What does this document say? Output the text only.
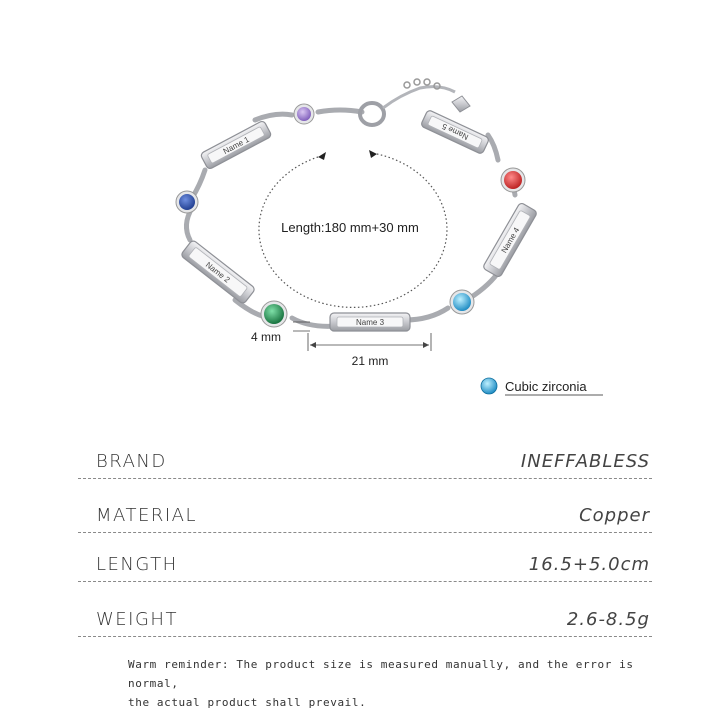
Name 1
Name 5
Name 2
Name 3
Name 4
Length:180 mm+30 mm
4 mm
21 mm
Cubic zirconia
BRAND	INEFFABLESS
MATERIAL	Copper
LENGTH	16.5+5.0cm
WEIGHT	2.6-8.5g
Warm reminder: The product size is measured manually, and the error is normal,
the actual product shall prevail.
